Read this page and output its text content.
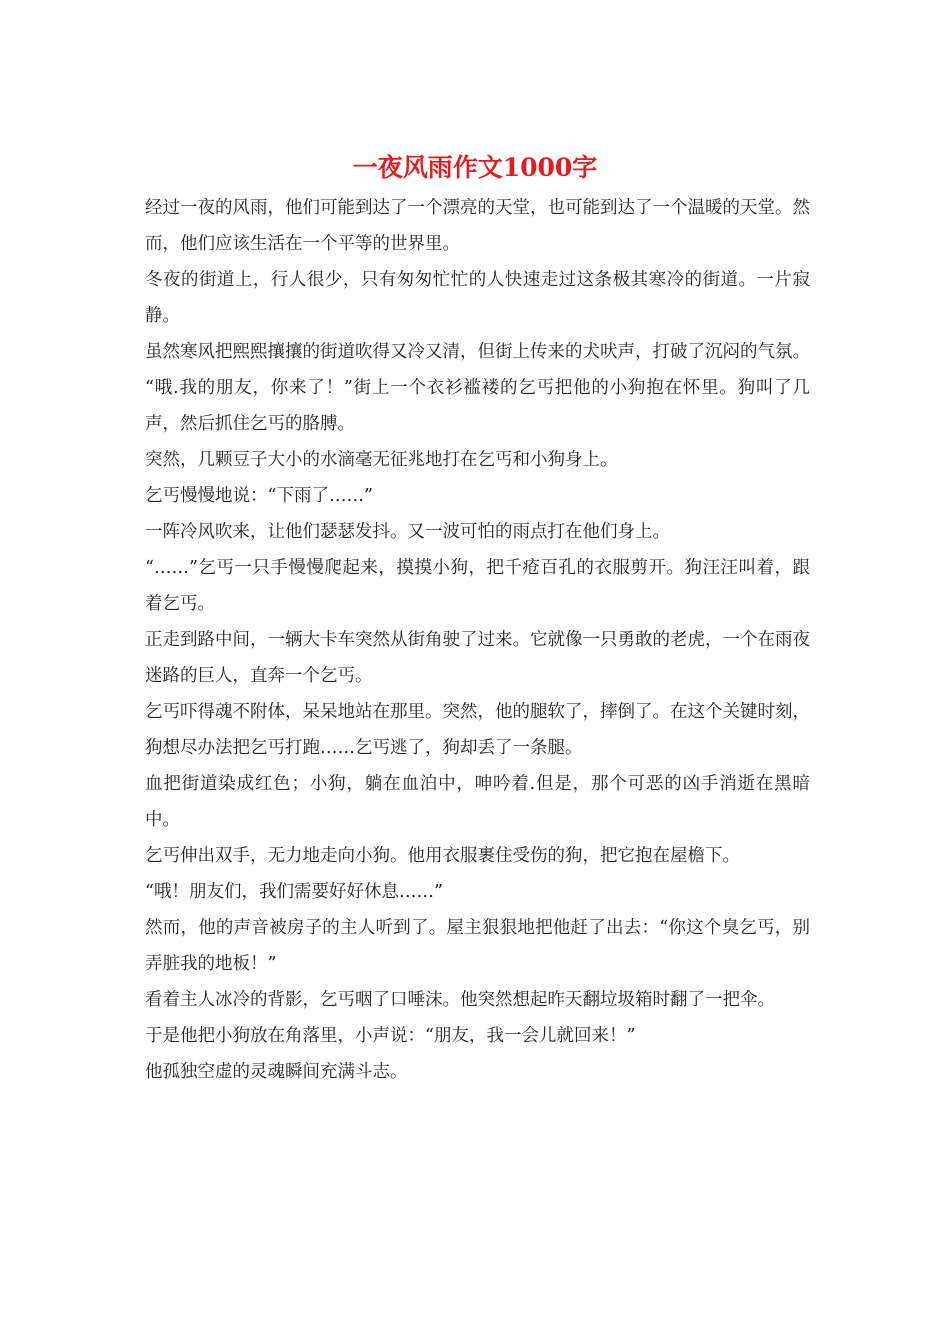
一夜风雨作文1000字

经过一夜的风雨，他们可能到达了一个漂亮的天堂，也可能到达了一个温暖的天堂。然而，他们应该生活在一个平等的世界里。

冬夜的街道上，行人很少，只有匆匆忙忙的人快速走过这条极其寒冷的街道。一片寂静。

虽然寒风把熙熙攘攘的街道吹得又冷又清，但街上传来的犬吠声，打破了沉闷的气氛。

“哦.我的朋友，你来了！”街上一个衣衫褴褛的乞丐把他的小狗抱在怀里。狗叫了几声，然后抓住乞丐的胳膊。

突然，几颗豆子大小的水滴毫无征兆地打在乞丐和小狗身上。

乞丐慢慢地说：“下雨了……”

一阵冷风吹来，让他们瑟瑟发抖。又一波可怕的雨点打在他们身上。

“……”乞丐一只手慢慢爬起来，摸摸小狗，把千疮百孔的衣服剪开。狗汪汪叫着，跟着乞丐。

正走到路中间，一辆大卡车突然从街角驶了过来。它就像一只勇敢的老虎，一个在雨夜迷路的巨人，直奔一个乞丐。

乞丐吓得魂不附体，呆呆地站在那里。突然，他的腿软了，摔倒了。在这个关键时刻，狗想尽办法把乞丐打跑……乞丐逃了，狗却丢了一条腿。

血把街道染成红色；小狗，躺在血泊中，呻吟着.但是，那个可恶的凶手消逝在黑暗中。

乞丐伸出双手，无力地走向小狗。他用衣服裹住受伤的狗，把它抱在屋檐下。

“哦！朋友们，我们需要好好休息……”

然而，他的声音被房子的主人听到了。屋主狠狠地把他赶了出去：“你这个臭乞丐，别弄脏我的地板！”

看着主人冰冷的背影，乞丐咽了口唾沫。他突然想起昨天翻垃圾箱时翻了一把伞。

于是他把小狗放在角落里，小声说：“朋友，我一会儿就回来！”

他孤独空虚的灵魂瞬间充满斗志。
